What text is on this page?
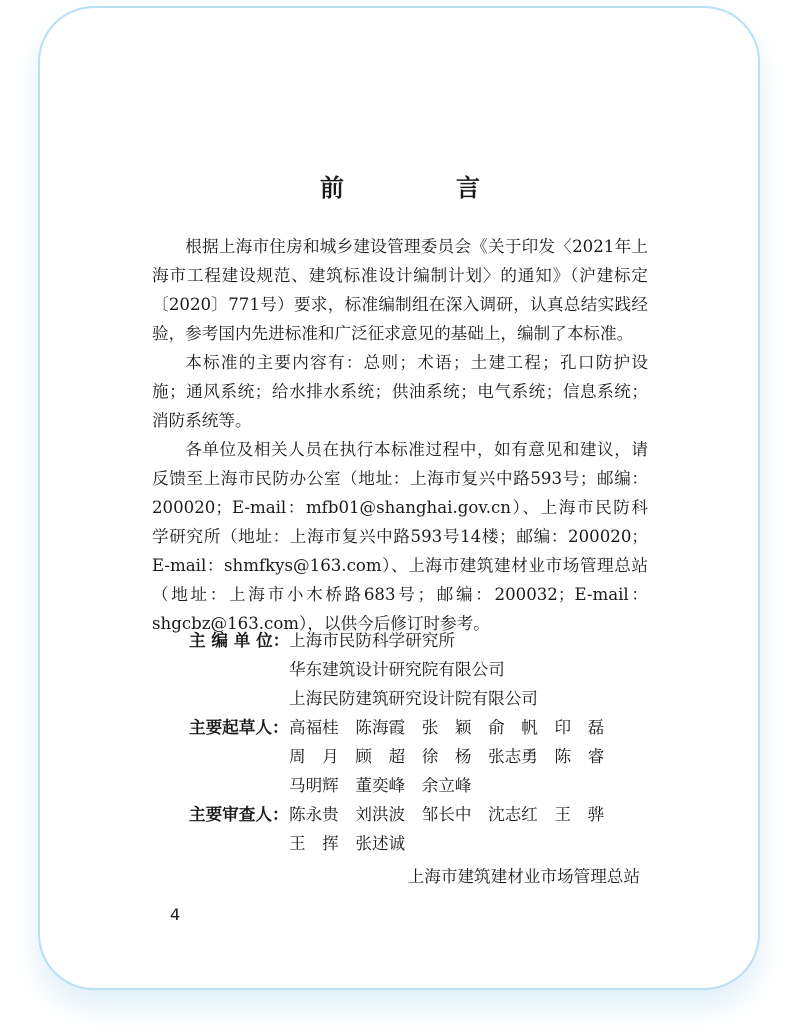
前　言

根据上海市住房和城乡建设管理委员会《关于印发〈2021年上海市工程建设规范、建筑标准设计编制计划〉的通知》（沪建标定〔2020〕771号）要求，标准编制组在深入调研，认真总结实践经验，参考国内先进标准和广泛征求意见的基础上，编制了本标准。

本标准的主要内容有：总则；术语；土建工程；孔口防护设施；通风系统；给水排水系统；供油系统；电气系统；信息系统；消防系统等。

各单位及相关人员在执行本标准过程中，如有意见和建议，请反馈至上海市民防办公室（地址：上海市复兴中路593号；邮编：200020；E-mail：mfb01@shanghai.gov.cn）、上海市民防科学研究所（地址：上海市复兴中路593号14楼；邮编：200020；E-mail：shmfkys@163.com）、上海市建筑建材业市场管理总站（地址：上海市小木桥路683号；邮编：200032；E-mail：shgcbz@163.com），以供今后修订时参考。

主 编 单 位： 上海市民防科学研究所
华东建筑设计研究院有限公司
上海民防建筑研究设计院有限公司
主要起草人： 高福桂　陈海霞　张　颖　俞　帆　印　磊
周　月　顾　超　徐　杨　张志勇　陈　睿
马明辉　董奕峰　余立峰
主要审查人： 陈永贵　刘洪波　邹长中　沈志红　王　骅
王　挥　张述诚
上海市建筑建材业市场管理总站
4
